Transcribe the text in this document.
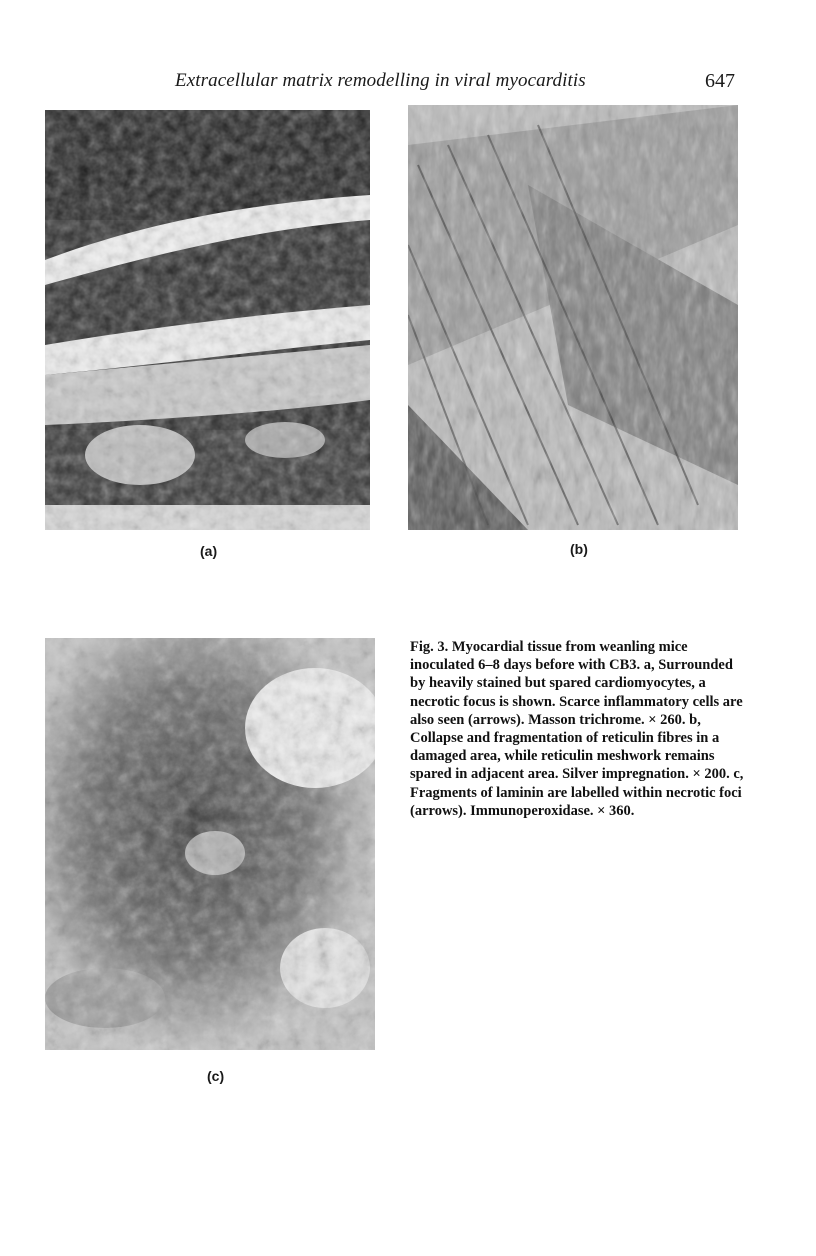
Extracellular matrix remodelling in viral myocarditis	647
(a)	(b)
(c)
Fig. 3. Myocardial tissue from weanling mice inoculated 6–8 days before with CB3. a, Surrounded by heavily stained but spared cardiomyocytes, a necrotic focus is shown. Scarce inflammatory cells are also seen (arrows). Masson trichrome. × 260. b, Collapse and fragmentation of reticulin fibres in a damaged area, while reticulin meshwork remains spared in adjacent area. Silver impregnation. × 200. c, Fragments of laminin are labelled within necrotic foci (arrows). Immunoperoxidase. × 360.
